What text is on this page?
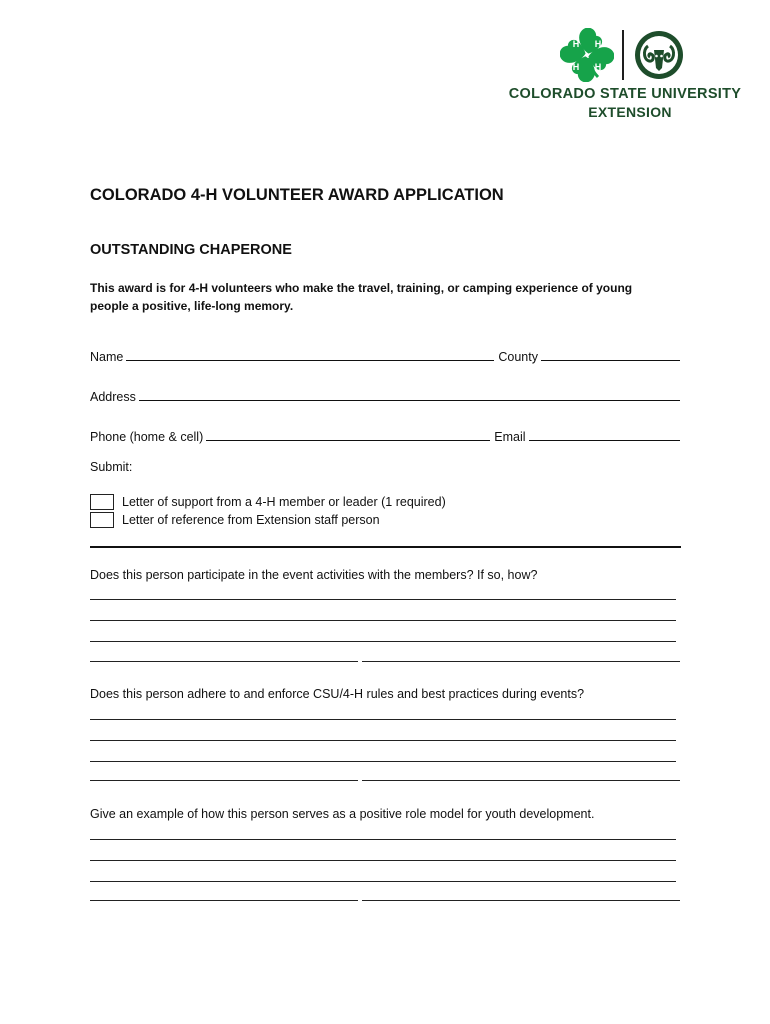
H H
H H
COLORADO STATE UNIVERSITY
EXTENSION
COLORADO 4-H VOLUNTEER AWARD APPLICATION
OUTSTANDING CHAPERONE

This award is for 4-H volunteers who make the travel, training, or camping experience of young people a positive, life-long memory.

Name	County
Address
Phone (home & cell)	Email
Submit:
Letter of support from a 4-H member or leader (1 required)
Letter of reference from Extension staff person
Does this person participate in the event activities with the members? If so, how?
Does this person adhere to and enforce CSU/4-H rules and best practices during events?
Give an example of how this person serves as a positive role model for youth development.
